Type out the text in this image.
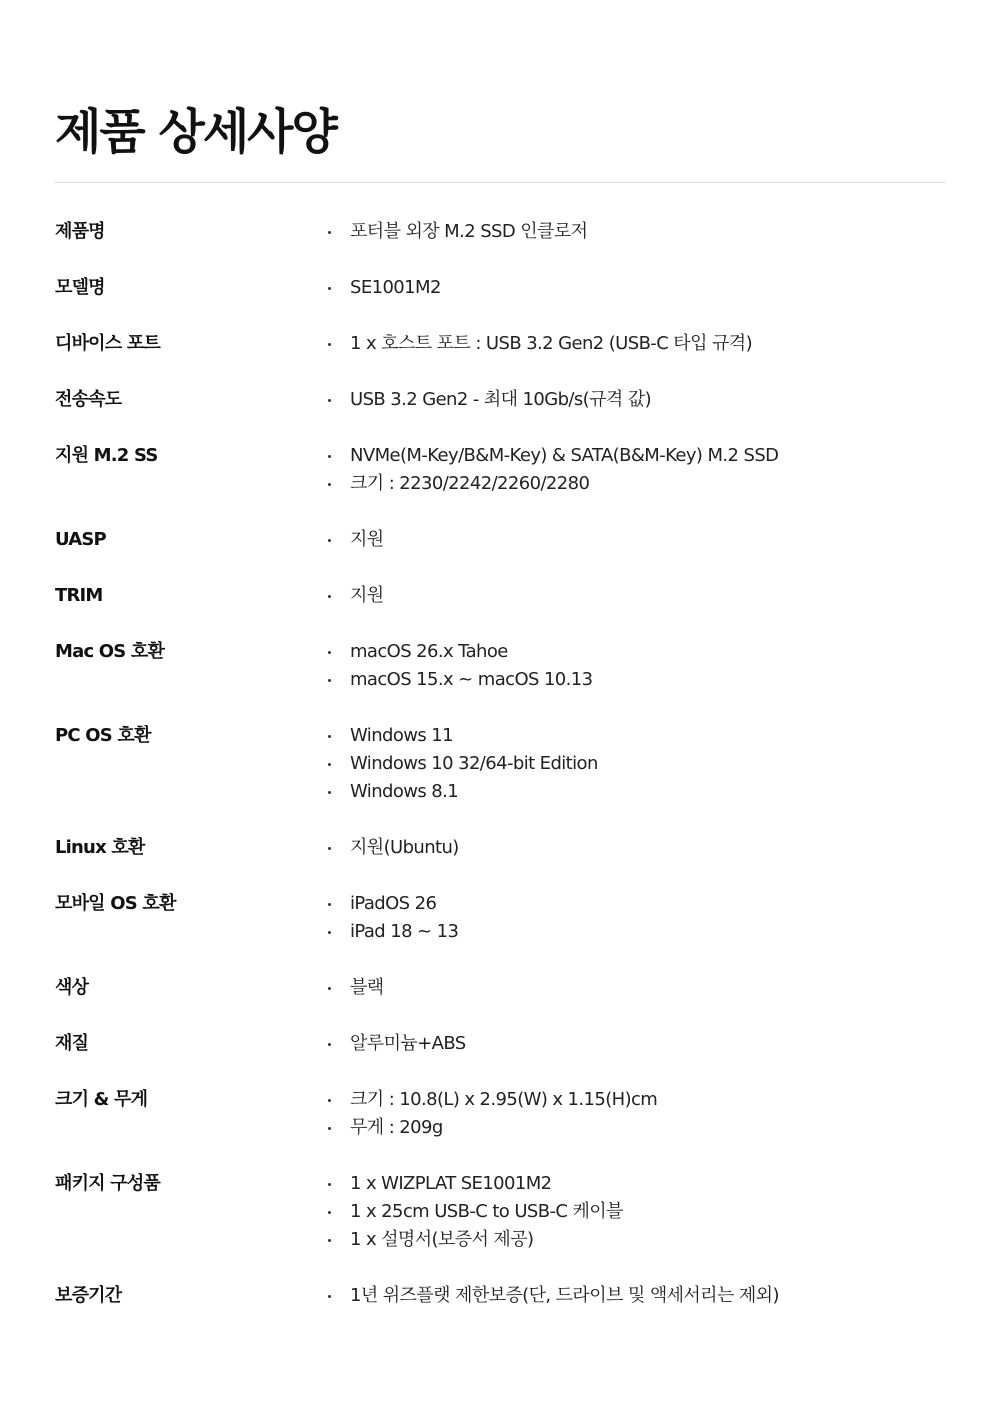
제품 상세사양
제품명	포터블 외장 M.2 SSD 인클로저
모델명	SE1001M2
디바이스 포트	1 x 호스트 포트 : USB 3.2 Gen2 (USB-C 타입 규격)
전송속도	USB 3.2 Gen2 - 최대 10Gb/s(규격 값)
지원 M.2 SS	NVMe(M-Key/B&M-Key) & SATA(B&M-Key) M.2 SSD
크기 : 2230/2242/2260/2280
UASP	지원
TRIM	지원
Mac OS 호환	macOS 26.x Tahoe
macOS 15.x ~ macOS 10.13
PC OS 호환	Windows 11
Windows 10 32/64-bit Edition
Windows 8.1
Linux 호환	지원(Ubuntu)
모바일 OS 호환	iPadOS 26
iPad 18 ~ 13
색상	블랙
재질	알루미늄+ABS
크기 & 무게	크기 : 10.8(L) x 2.95(W) x 1.15(H)cm
무게 : 209g
패키지 구성품	1 x WIZPLAT SE1001M2
1 x 25cm USB-C to USB-C 케이블
1 x 설명서(보증서 제공)
보증기간	1년 위즈플랫 제한보증(단, 드라이브 및 액세서리는 제외)
